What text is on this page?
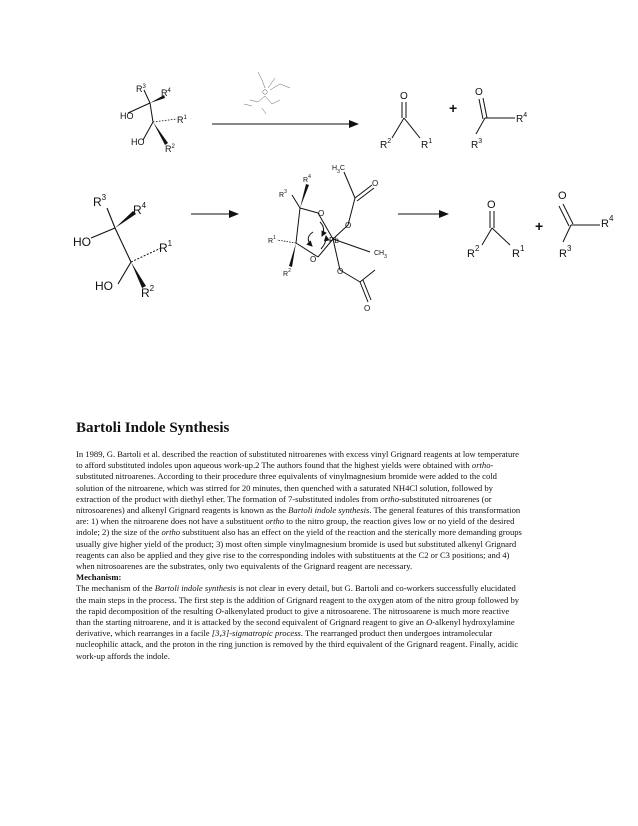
$R^3$
$R^4$
HO	$R^1$
HO
$R^2$
O
$R^2$	$R^1$
+
O
$R^4$
$R^3$
$R^3$
$R^4$
HO	$R^1$
HO $R^2$
$H_3C$
O
$R^4$
$R^3$
O
O
$R^1$	Pb
$CH_3$
O
$R^2$	O
O
O
$R^2$	$R^1$
+
O
$R^4$
$R^3$
Bartoli Indole Synthesis

In 1989, G. Bartoli et al. described the reaction of substituted nitroarenes with excess vinyl Grignard reagents at low temperature to afford substituted indoles upon aqueous work-up.2 The authors found that the highest yields were obtained with ortho-substituted nitroarenes. According to their procedure three equivalents of vinylmagnesium bromide were added to the cold solution of the nitroarene, which was stirred for 20 minutes, then quenched with a saturated NH4Cl solution, followed by extraction of the product with diethyl ether. The formation of 7-substituted indoles from ortho-substituted nitroarenes (or nitrosoarenes) and alkenyl Grignard reagents is known as the Bartoli indole synthesis. The general features of this transformation are: 1) when the nitroarene does not have a substituent ortho to the nitro group, the reaction gives low or no yield of the desired indole; 2) the size of the ortho substituent also has an effect on the yield of the reaction and the sterically more demanding groups usually give higher yield of the product; 3) most often simple vinylmagnesium bromide is used but substituted alkenyl Grignard reagents can also be applied and they give rise to the corresponding indoles with substituents at the C2 or C3 positions; and 4) when nitrosoarenes are the substrates, only two equivalents of the Grignard reagent are necessary.

Mechanism:

The mechanism of the Bartoli indole synthesis is not clear in every detail, but G. Bartoli and co-workers successfully elucidated the main steps in the process. The first step is the addition of Grignard reagent to the oxygen atom of the nitro group followed by the rapid decomposition of the resulting O-alkenylated product to give a nitrosoarene. The nitrosoarene is much more reactive than the starting nitroarene, and it is attacked by the second equivalent of Grignard reagent to give an O-alkenyl hydroxylamine derivative, which rearranges in a facile [3,3]-sigmatropic process. The rearranged product then undergoes intramolecular nucleophilic attack, and the proton in the ring junction is removed by the third equivalent of the Grignard reagent. Finally, acidic work-up affords the indole.
